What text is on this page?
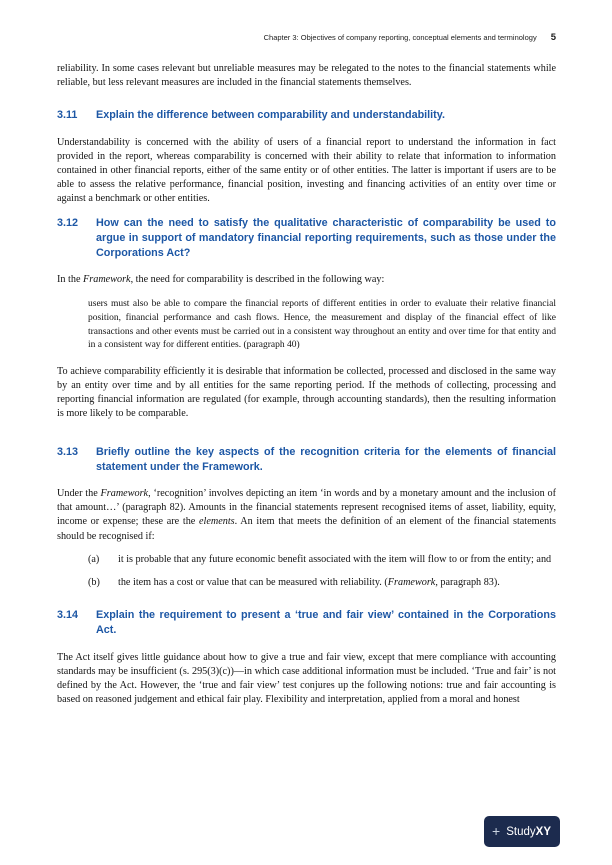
Chapter 3: Objectives of company reporting, conceptual elements and terminology 5

reliability. In some cases relevant but unreliable measures may be relegated to the notes to the financial statements while reliable, but less relevant measures are included in the financial statements themselves.

3.11	Explain the difference between comparability and understandability.

Understandability is concerned with the ability of users of a financial report to understand the information in fact provided in the report, whereas comparability is concerned with their ability to relate that information to information contained in other financial reports, either of the same entity or of other entities. The latter is important if users are to be able to assess the relative performance, financial position, investing and financing activities of an entity over time or against a benchmark or other entities.

3.12	How can the need to satisfy the qualitative characteristic of comparability be used to argue in support of mandatory financial reporting requirements, such as those under the Corporations Act?

In the Framework, the need for comparability is described in the following way:

users must also be able to compare the financial reports of different entities in order to evaluate their relative financial position, financial performance and cash flows. Hence, the measurement and display of the financial effect of like transactions and other events must be carried out in a consistent way throughout an entity and over time for that entity and in a consistent way for different entities. (paragraph 40)

To achieve comparability efficiently it is desirable that information be collected, processed and disclosed in the same way by an entity over time and by all entities for the same reporting period. If the methods of collecting, processing and reporting financial information are regulated (for example, through accounting standards), then the resulting information is more likely to be comparable.

3.13	Briefly outline the key aspects of the recognition criteria for the elements of financial statement under the Framework.

Under the Framework, ‘recognition’ involves depicting an item ‘in words and by a monetary amount and the inclusion of that amount…’ (paragraph 82). Amounts in the financial statements represent recognised items of asset, liability, equity, income or expense; these are the elements. An item that meets the definition of an element of the financial statements should be recognised if:

(a)	it is probable that any future economic benefit associated with the item will flow to or from the entity; and
(b)	the item has a cost or value that can be measured with reliability. (Framework, paragraph 83).
3.14	Explain the requirement to present a ‘true and fair view’ contained in the Corporations Act.

The Act itself gives little guidance about how to give a true and fair view, except that mere compliance with accounting standards may be insufficient (s. 295(3)(c))—in which case additional information must be included. ‘True and fair’ is not defined by the Act. However, the ‘true and fair view’ test conjures up the following notions: true and fair accounting is based on reasoned judgement and ethical fair play. Flexibility and interpretation, applied from a moral and honest

+ StudyXY
